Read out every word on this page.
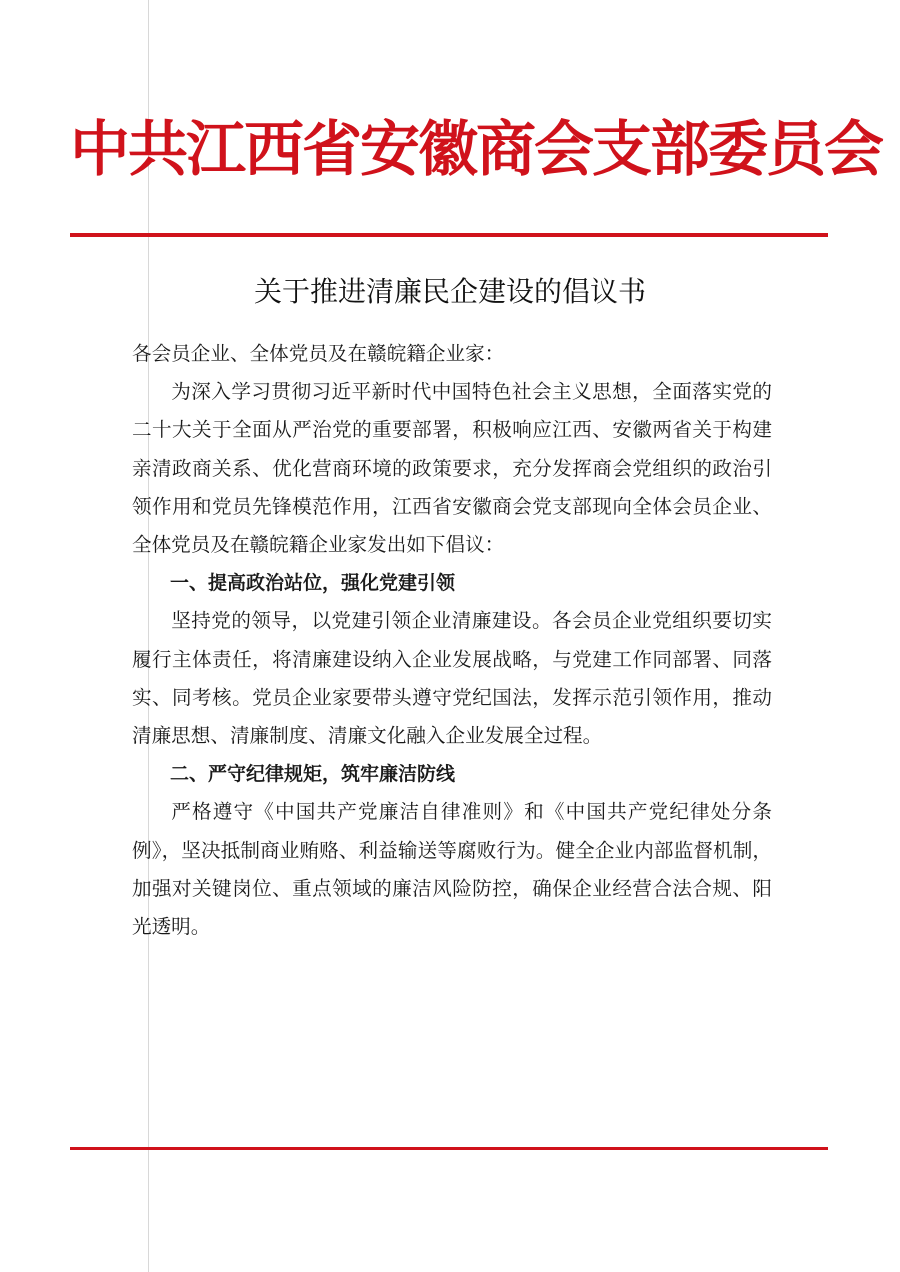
中共江西省安徽商会支部委员会
关于推进清廉民企建设的倡议书

各会员企业、全体党员及在赣皖籍企业家：

为深入学习贯彻习近平新时代中国特色社会主义思想，全面落实党的二十大关于全面从严治党的重要部署，积极响应江西、安徽两省关于构建亲清政商关系、优化营商环境的政策要求，充分发挥商会党组织的政治引领作用和党员先锋模范作用，江西省安徽商会党支部现向全体会员企业、全体党员及在赣皖籍企业家发出如下倡议：

一、提高政治站位，强化党建引领

坚持党的领导，以党建引领企业清廉建设。各会员企业党组织要切实履行主体责任，将清廉建设纳入企业发展战略，与党建工作同部署、同落实、同考核。党员企业家要带头遵守党纪国法，发挥示范引领作用，推动清廉思想、清廉制度、清廉文化融入企业发展全过程。

二、严守纪律规矩，筑牢廉洁防线

严格遵守《中国共产党廉洁自律准则》和《中国共产党纪律处分条例》，坚决抵制商业贿赂、利益输送等腐败行为。健全企业内部监督机制，加强对关键岗位、重点领域的廉洁风险防控，确保企业经营合法合规、阳光透明。
